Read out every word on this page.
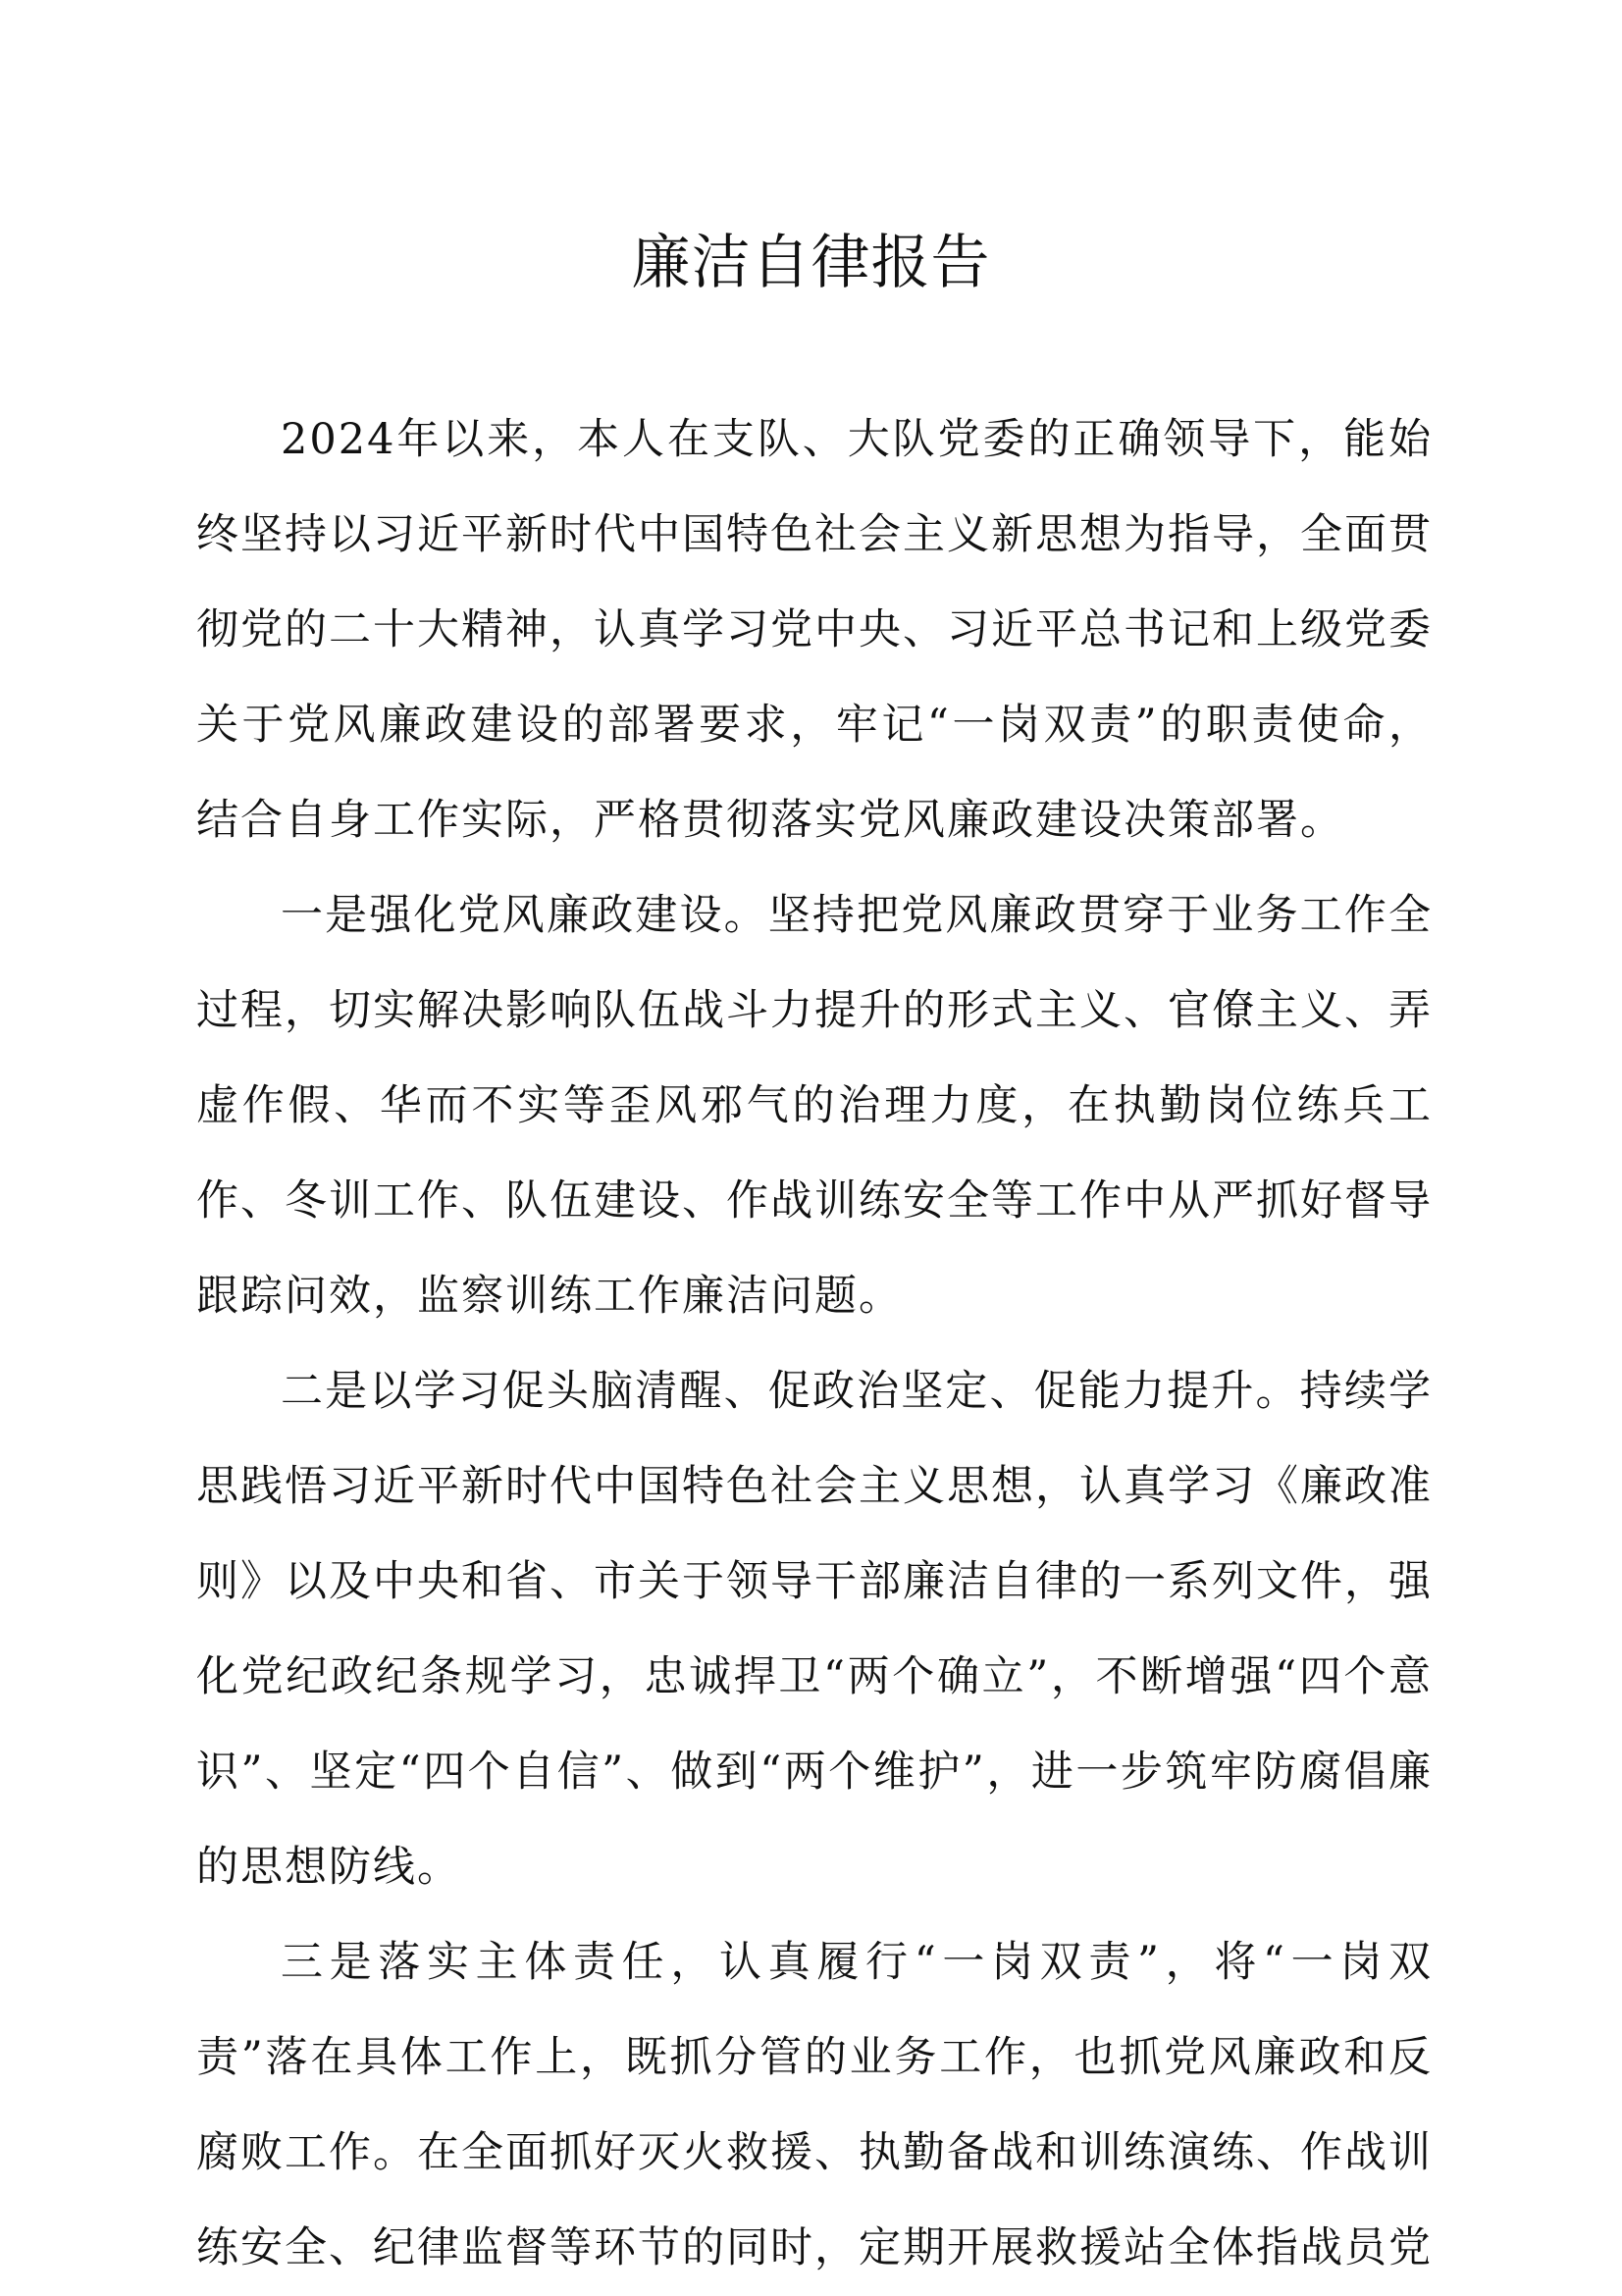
廉洁自律报告

2024年以来，本人在支队、大队党委的正确领导下，能始终坚持以习近平新时代中国特色社会主义新思想为指导，全面贯彻党的二十大精神，认真学习党中央、习近平总书记和上级党委关于党风廉政建设的部署要求，牢记“一岗双责”的职责使命，结合自身工作实际，严格贯彻落实党风廉政建设决策部署。

一是强化党风廉政建设。坚持把党风廉政贯穿于业务工作全过程，切实解决影响队伍战斗力提升的形式主义、官僚主义、弄虚作假、华而不实等歪风邪气的治理力度，在执勤岗位练兵工作、冬训工作、队伍建设、作战训练安全等工作中从严抓好督导跟踪问效，监察训练工作廉洁问题。

二是以学习促头脑清醒、促政治坚定、促能力提升。持续学思践悟习近平新时代中国特色社会主义思想，认真学习《廉政准则》以及中央和省、市关于领导干部廉洁自律的一系列文件，强化党纪政纪条规学习，忠诚捍卫“两个确立”，不断增强“四个意识”、坚定“四个自信”、做到“两个维护”，进一步筑牢防腐倡廉的思想防线。

三是落实主体责任，认真履行“一岗双责”，将“一岗双责”落在具体工作上，既抓分管的业务工作，也抓党风廉政和反腐败工作。在全面抓好灭火救援、执勤备战和训练演练、作战训练安全、纪律监督等环节的同时，定期开展救援站全体指战员党
